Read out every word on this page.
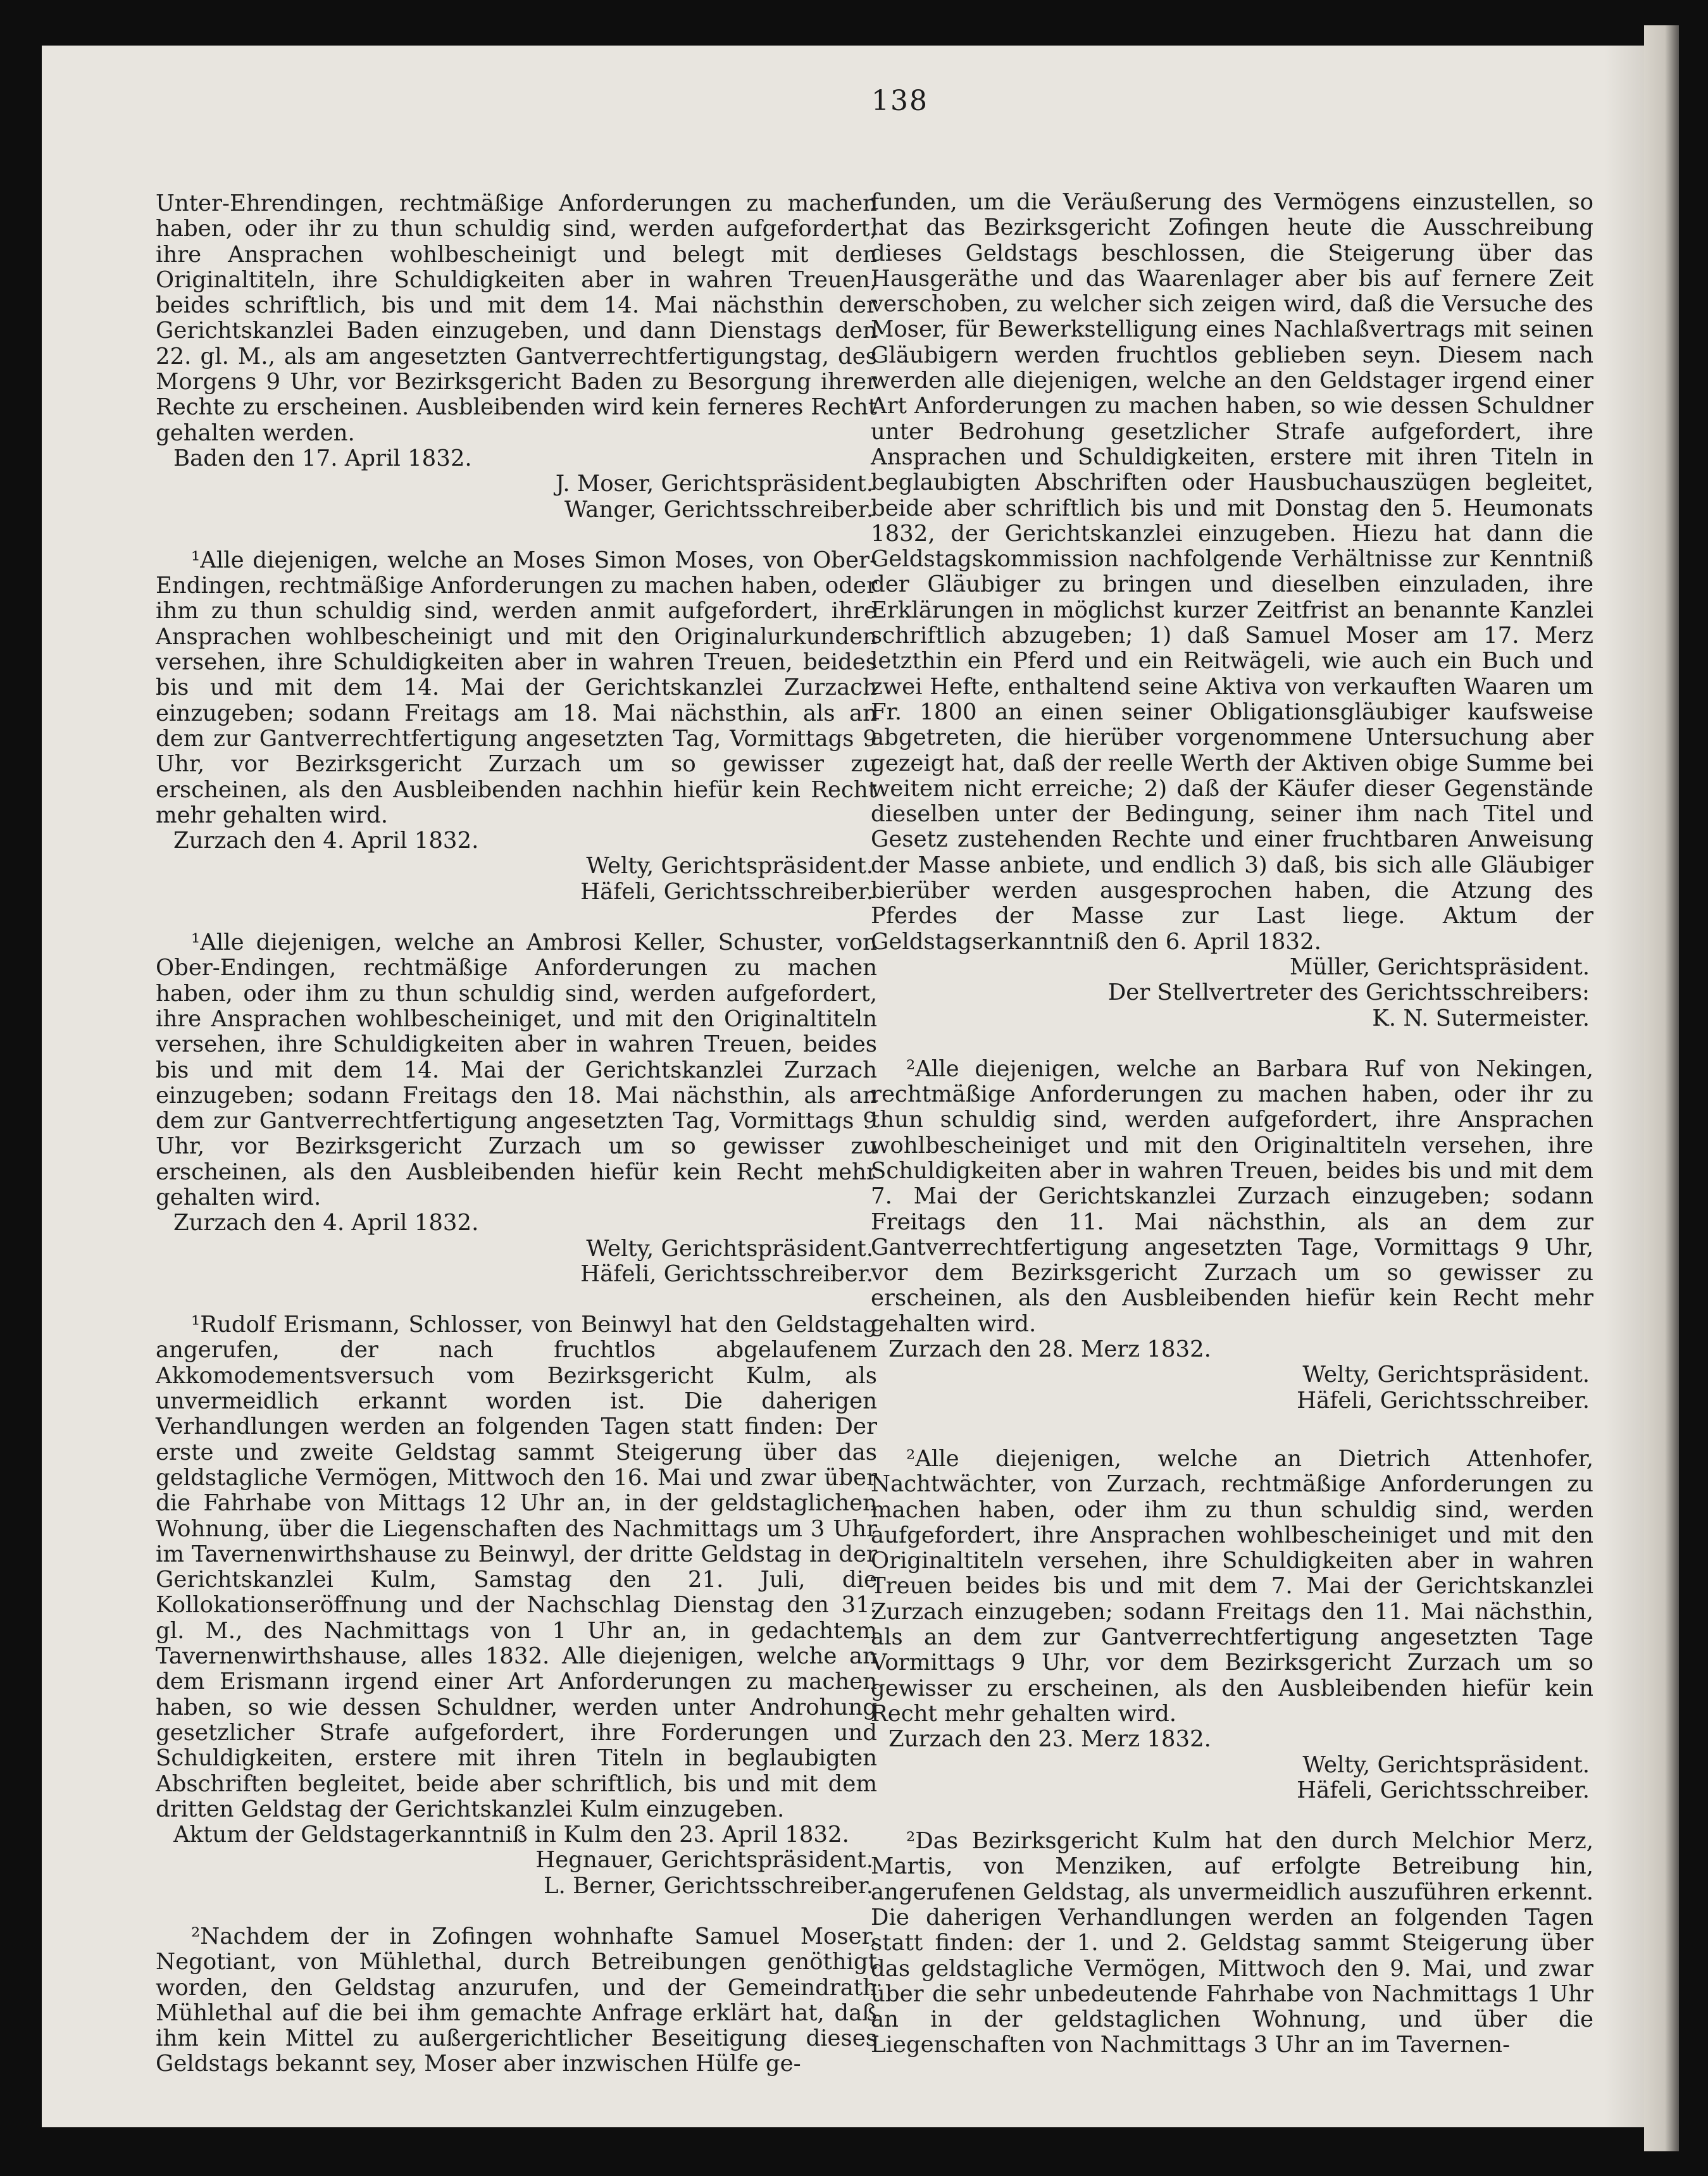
138

Unter-Ehrendingen, rechtmäßige Anforderungen zu machen haben, oder ihr zu thun schuldig sind, werden aufgefordert, ihre Ansprachen wohlbescheinigt und belegt mit den Originaltiteln, ihre Schuldigkeiten aber in wahren Treuen, beides schriftlich, bis und mit dem 14. Mai nächsthin der Gerichtskanzlei Baden einzugeben, und dann Dienstags den 22. gl. M., als am angesetzten Gantverrechtfertigungstag, des Morgens 9 Uhr, vor Bezirksgericht Baden zu Besorgung ihrer Rechte zu erscheinen. Ausbleibenden wird kein ferneres Recht gehalten werden.

Baden den 17. April 1832.

J. Moser, Gerichtspräsident.

Wanger, Gerichtsschreiber.

¹Alle diejenigen, welche an Moses Simon Moses, von Ober-Endingen, rechtmäßige Anforderungen zu machen haben, oder ihm zu thun schuldig sind, werden anmit aufgefordert, ihre Ansprachen wohlbescheinigt und mit den Originalurkunden versehen, ihre Schuldigkeiten aber in wahren Treuen, beides bis und mit dem 14. Mai der Gerichtskanzlei Zurzach einzugeben; sodann Freitags am 18. Mai nächsthin, als an dem zur Gantverrechtfertigung angesetzten Tag, Vormittags 9 Uhr, vor Bezirksgericht Zurzach um so gewisser zu erscheinen, als den Ausbleibenden nachhin hiefür kein Recht mehr gehalten wird.

Zurzach den 4. April 1832.

Welty, Gerichtspräsident.

Häfeli, Gerichtsschreiber.

¹Alle diejenigen, welche an Ambrosi Keller, Schuster, von Ober-Endingen, rechtmäßige Anforderungen zu machen haben, oder ihm zu thun schuldig sind, werden aufgefordert, ihre Ansprachen wohlbescheiniget, und mit den Originaltiteln versehen, ihre Schuldigkeiten aber in wahren Treuen, beides bis und mit dem 14. Mai der Gerichtskanzlei Zurzach einzugeben; sodann Freitags den 18. Mai nächsthin, als an dem zur Gantverrechtfertigung angesetzten Tag, Vormittags 9 Uhr, vor Bezirksgericht Zurzach um so gewisser zu erscheinen, als den Ausbleibenden hiefür kein Recht mehr gehalten wird.

Zurzach den 4. April 1832.

Welty, Gerichtspräsident.

Häfeli, Gerichtsschreiber.

¹Rudolf Erismann, Schlosser, von Beinwyl hat den Geldstag angerufen, der nach fruchtlos abgelaufenem Akkomodementsversuch vom Bezirksgericht Kulm, als unvermeidlich erkannt worden ist. Die daherigen Verhandlungen werden an folgenden Tagen statt finden: Der erste und zweite Geldstag sammt Steigerung über das geldstagliche Vermögen, Mittwoch den 16. Mai und zwar über die Fahrhabe von Mittags 12 Uhr an, in der geldstaglichen Wohnung, über die Liegenschaften des Nachmittags um 3 Uhr im Tavernenwirthshause zu Beinwyl, der dritte Geldstag in der Gerichtskanzlei Kulm, Samstag den 21. Juli, die Kollokationseröffnung und der Nachschlag Dienstag den 31. gl. M., des Nachmittags von 1 Uhr an, in gedachtem Tavernenwirthshause, alles 1832. Alle diejenigen, welche an dem Erismann irgend einer Art Anforderungen zu machen haben, so wie dessen Schuldner, werden unter Androhung gesetzlicher Strafe aufgefordert, ihre Forderungen und Schuldigkeiten, erstere mit ihren Titeln in beglaubigten Abschriften begleitet, beide aber schriftlich, bis und mit dem dritten Geldstag der Gerichtskanzlei Kulm einzugeben.

Aktum der Geldstagerkanntniß in Kulm den 23. April 1832.

Hegnauer, Gerichtspräsident.

L. Berner, Gerichtsschreiber.

²Nachdem der in Zofingen wohnhafte Samuel Moser, Negotiant, von Mühlethal, durch Betreibungen genöthigt worden, den Geldstag anzurufen, und der Gemeindrath Mühlethal auf die bei ihm gemachte Anfrage erklärt hat, daß ihm kein Mittel zu außergerichtlicher Beseitigung dieses Geldstags bekannt sey, Moser aber inzwischen Hülfe ge-

funden, um die Veräußerung des Vermögens einzustellen, so hat das Bezirksgericht Zofingen heute die Ausschreibung dieses Geldstags beschlossen, die Steigerung über das Hausgeräthe und das Waarenlager aber bis auf fernere Zeit verschoben, zu welcher sich zeigen wird, daß die Versuche des Moser, für Bewerkstelligung eines Nachlaßvertrags mit seinen Gläubigern werden fruchtlos geblieben seyn. Diesem nach werden alle diejenigen, welche an den Geldstager irgend einer Art Anforderungen zu machen haben, so wie dessen Schuldner unter Bedrohung gesetzlicher Strafe aufgefordert, ihre Ansprachen und Schuldigkeiten, erstere mit ihren Titeln in beglaubigten Abschriften oder Hausbuchauszügen begleitet, beide aber schriftlich bis und mit Donstag den 5. Heumonats 1832, der Gerichtskanzlei einzugeben. Hiezu hat dann die Geldstagskommission nachfolgende Verhältnisse zur Kenntniß der Gläubiger zu bringen und dieselben einzuladen, ihre Erklärungen in möglichst kurzer Zeitfrist an benannte Kanzlei schriftlich abzugeben; 1) daß Samuel Moser am 17. Merz letzthin ein Pferd und ein Reitwägeli, wie auch ein Buch und zwei Hefte, enthaltend seine Aktiva von verkauften Waaren um Fr. 1800 an einen seiner Obligationsgläubiger kaufsweise abgetreten, die hierüber vorgenommene Untersuchung aber gezeigt hat, daß der reelle Werth der Aktiven obige Summe bei weitem nicht erreiche; 2) daß der Käufer dieser Gegenstände dieselben unter der Bedingung, seiner ihm nach Titel und Gesetz zustehenden Rechte und einer fruchtbaren Anweisung der Masse anbiete, und endlich 3) daß, bis sich alle Gläubiger bierüber werden ausgesprochen haben, die Atzung des Pferdes der Masse zur Last liege. Aktum der Geldstagserkanntniß den 6. April 1832.

Müller, Gerichtspräsident.

Der Stellvertreter des Gerichtsschreibers:

K. N. Sutermeister.

²Alle diejenigen, welche an Barbara Ruf von Nekingen, rechtmäßige Anforderungen zu machen haben, oder ihr zu thun schuldig sind, werden aufgefordert, ihre Ansprachen wohlbescheiniget und mit den Originaltiteln versehen, ihre Schuldigkeiten aber in wahren Treuen, beides bis und mit dem 7. Mai der Gerichtskanzlei Zurzach einzugeben; sodann Freitags den 11. Mai nächsthin, als an dem zur Gantverrechtfertigung angesetzten Tage, Vormittags 9 Uhr, vor dem Bezirksgericht Zurzach um so gewisser zu erscheinen, als den Ausbleibenden hiefür kein Recht mehr gehalten wird.

Zurzach den 28. Merz 1832.

Welty, Gerichtspräsident.

Häfeli, Gerichtsschreiber.

²Alle diejenigen, welche an Dietrich Attenhofer, Nachtwächter, von Zurzach, rechtmäßige Anforderungen zu machen haben, oder ihm zu thun schuldig sind, werden aufgefordert, ihre Ansprachen wohlbescheiniget und mit den Originaltiteln versehen, ihre Schuldigkeiten aber in wahren Treuen beides bis und mit dem 7. Mai der Gerichtskanzlei Zurzach einzugeben; sodann Freitags den 11. Mai nächsthin, als an dem zur Gantverrechtfertigung angesetzten Tage Vormittags 9 Uhr, vor dem Bezirksgericht Zurzach um so gewisser zu erscheinen, als den Ausbleibenden hiefür kein Recht mehr gehalten wird.

Zurzach den 23. Merz 1832.

Welty, Gerichtspräsident.

Häfeli, Gerichtsschreiber.

²Das Bezirksgericht Kulm hat den durch Melchior Merz, Martis, von Menziken, auf erfolgte Betreibung hin, angerufenen Geldstag, als unvermeidlich auszuführen erkennt. Die daherigen Verhandlungen werden an folgenden Tagen statt finden: der 1. und 2. Geldstag sammt Steigerung über das geldstagliche Vermögen, Mittwoch den 9. Mai, und zwar über die sehr unbedeutende Fahrhabe von Nachmittags 1 Uhr an in der geldstaglichen Wohnung, und über die Liegenschaften von Nachmittags 3 Uhr an im Tavernen-
